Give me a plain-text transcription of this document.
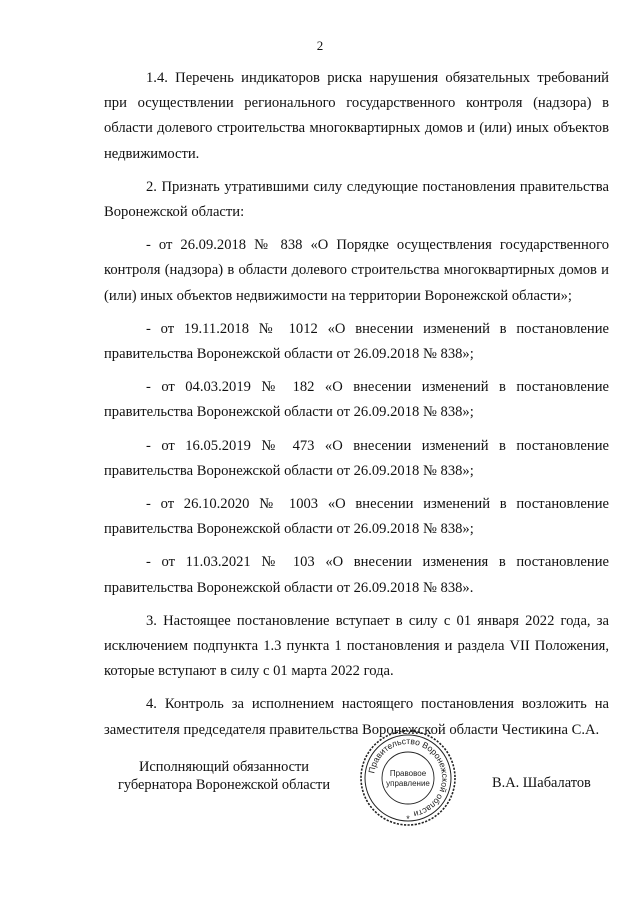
2

1.4. Перечень индикаторов риска нарушения обязательных требований при осуществлении регионального государственного контроля (надзора) в области долевого строительства многоквартирных домов и (или) иных объектов недвижимости.

2. Признать утратившими силу следующие постановления правительства Воронежской области:

- от 26.09.2018 № 838 «О Порядке осуществления государственного контроля (надзора) в области долевого строительства многоквартирных домов и (или) иных объектов недвижимости на территории Воронежской области»;

- от 19.11.2018 № 1012 «О внесении изменений в постановление правительства Воронежской области от 26.09.2018 № 838»;

- от 04.03.2019 № 182 «О внесении изменений в постановление правительства Воронежской области от 26.09.2018 № 838»;

- от 16.05.2019 № 473 «О внесении изменений в постановление правительства Воронежской области от 26.09.2018 № 838»;

- от 26.10.2020 № 1003 «О внесении изменений в постановление правительства Воронежской области от 26.09.2018 № 838»;

- от 11.03.2021 № 103 «О внесении изменения в постановление правительства Воронежской области от 26.09.2018 № 838».

3. Настоящее постановление вступает в силу с 01 января 2022 года, за исключением подпункта 1.3 пункта 1 постановления и раздела VII Положения, которые вступают в силу с 01 марта 2022 года.

4. Контроль за исполнением настоящего постановления возложить на заместителя председателя правительства Воронежской области Честикина С.А.

Исполняющий обязанности
губернатора Воронежской области
Правительство Воронежской области
Правовое
управление
*
В.А. Шабалатов
